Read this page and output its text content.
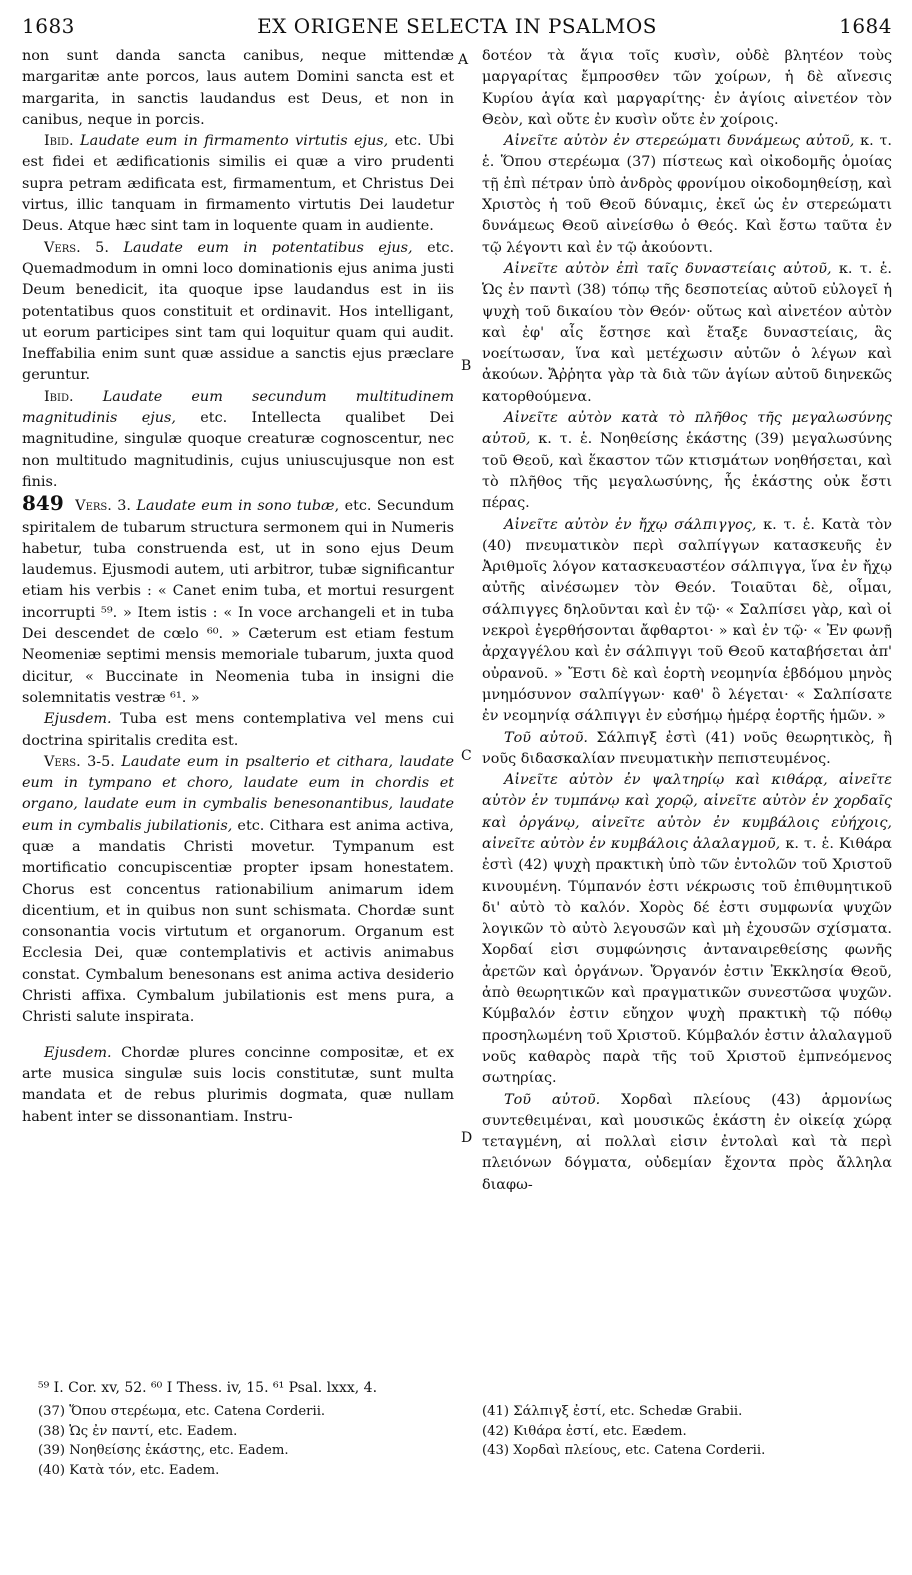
1683	EX ORIGENE SELECTA IN PSALMOS	1684
A
B
C
D

non sunt danda sancta canibus, neque mittendæ margaritæ ante porcos, laus autem Domini sancta est et margarita, in sanctis laudandus est Deus, et non in canibus, neque in porcis.

Ibid. Laudate eum in firmamento virtutis ejus, etc. Ubi est fidei et ædificationis similis ei quæ a viro prudenti supra petram ædificata est, firmamentum, et Christus Dei virtus, illic tanquam in firmamento virtutis Dei laudetur Deus. Atque hæc sint tam in loquente quam in audiente.

Vers. 5. Laudate eum in potentatibus ejus, etc. Quemadmodum in omni loco dominationis ejus anima justi Deum benedicit, ita quoque ipse laudandus est in iis potentatibus quos constituit et ordinavit. Hos intelligant, ut eorum participes sint tam qui loquitur quam qui audit. Ineffabilia enim sunt quæ assidue a sanctis ejus præclare geruntur.

Ibid. Laudate eum secundum multitudinem magnitudinis ejus, etc. Intellecta qualibet Dei magnitudine, singulæ quoque creaturæ cognoscentur, nec non multitudo magnitudinis, cujus uniuscujusque non est finis.

849 Vers. 3. Laudate eum in sono tubæ, etc. Secundum spiritalem de tubarum structura sermonem qui in Numeris habetur, tuba construenda est, ut in sono ejus Deum laudemus. Ejusmodi autem, uti arbitror, tubæ significantur etiam his verbis : « Canet enim tuba, et mortui resurgent incorrupti ⁵⁹. » Item istis : « In voce archangeli et in tuba Dei descendet de cœlo ⁶⁰. » Cæterum est etiam festum Neomeniæ septimi mensis memoriale tubarum, juxta quod dicitur, « Buccinate in Neomenia tuba in insigni die solemnitatis vestræ ⁶¹. »

Ejusdem. Tuba est mens contemplativa vel mens cui doctrina spiritalis credita est.

Vers. 3-5. Laudate eum in psalterio et cithara, laudate eum in tympano et choro, laudate eum in chordis et organo, laudate eum in cymbalis benesonantibus, laudate eum in cymbalis jubilationis, etc. Cithara est anima activa, quæ a mandatis Christi movetur. Tympanum est mortificatio concupiscentiæ propter ipsam honestatem. Chorus est concentus rationabilium animarum idem dicentium, et in quibus non sunt schismata. Chordæ sunt consonantia vocis virtutum et organorum. Organum est Ecclesia Dei, quæ contemplativis et activis animabus constat. Cymbalum benesonans est anima activa desiderio Christi affixa. Cymbalum jubilationis est mens pura, a Christi salute inspirata.

Ejusdem. Chordæ plures concinne compositæ, et ex arte musica singulæ suis locis constitutæ, sunt multa mandata et de rebus plurimis dogmata, quæ nullam habent inter se dissonantiam. Instru-

δοτέον τὰ ἅγια τοῖς κυσὶν, οὐδὲ βλητέον τοὺς μαργαρίτας ἔμπροσθεν τῶν χοίρων, ἡ δὲ αἴνεσις Κυρίου ἁγία καὶ μαργαρίτης· ἐν ἁγίοις αἰνετέον τὸν Θεὸν, καὶ οὔτε ἐν κυσὶν οὔτε ἐν χοίροις.

Αἰνεῖτε αὐτὸν ἐν στερεώματι δυνάμεως αὐτοῦ, κ. τ. ἑ. Ὅπου στερέωμα (37) πίστεως καὶ οἰκοδομῆς ὁμοίας τῇ ἐπὶ πέτραν ὑπὸ ἀνδρὸς φρονίμου οἰκοδομηθείσῃ, καὶ Χριστὸς ἡ τοῦ Θεοῦ δύναμις, ἐκεῖ ὡς ἐν στερεώματι δυνάμεως Θεοῦ αἰνείσθω ὁ Θεός. Καὶ ἔστω ταῦτα ἐν τῷ λέγοντι καὶ ἐν τῷ ἀκούοντι.

Αἰνεῖτε αὐτὸν ἐπὶ ταῖς δυναστείαις αὐτοῦ, κ. τ. ἑ. Ὡς ἐν παντὶ (38) τόπῳ τῆς δεσποτείας αὐτοῦ εὐλογεῖ ἡ ψυχὴ τοῦ δικαίου τὸν Θεόν· οὕτως καὶ αἰνετέον αὐτὸν καὶ ἐφ' αἷς ἔστησε καὶ ἔταξε δυναστείαις, ἃς νοείτωσαν, ἵνα καὶ μετέχωσιν αὐτῶν ὁ λέγων καὶ ἀκούων. Ἄῤῥητα γὰρ τὰ διὰ τῶν ἁγίων αὐτοῦ διηνεκῶς κατορθούμενα.

Αἰνεῖτε αὐτὸν κατὰ τὸ πλῆθος τῆς μεγαλωσύνης αὐτοῦ, κ. τ. ἑ. Νοηθείσης ἑκάστης (39) μεγαλωσύνης τοῦ Θεοῦ, καὶ ἕκαστον τῶν κτισμάτων νοηθήσεται, καὶ τὸ πλῆθος τῆς μεγαλωσύνης, ἧς ἑκάστης οὐκ ἔστι πέρας.

Αἰνεῖτε αὐτὸν ἐν ἤχῳ σάλπιγγος, κ. τ. ἑ. Κατὰ τὸν (40) πνευματικὸν περὶ σαλπίγγων κατασκευῆς ἐν Ἀριθμοῖς λόγον κατασκευαστέον σάλπιγγα, ἵνα ἐν ἤχῳ αὐτῆς αἰνέσωμεν τὸν Θεόν. Τοιαῦται δὲ, οἶμαι, σάλπιγγες δηλοῦνται καὶ ἐν τῷ· « Σαλπίσει γὰρ, καὶ οἱ νεκροὶ ἐγερθήσονται ἄφθαρτοι· » καὶ ἐν τῷ· « Ἐν φωνῇ ἀρχαγγέλου καὶ ἐν σάλπιγγι τοῦ Θεοῦ καταβήσεται ἀπ' οὐρανοῦ. » Ἔστι δὲ καὶ ἑορτὴ νεομηνία ἑβδόμου μηνὸς μνημόσυνον σαλπίγγων· καθ' ὃ λέγεται· « Σαλπίσατε ἐν νεομηνίᾳ σάλπιγγι ἐν εὐσήμῳ ἡμέρᾳ ἑορτῆς ἡμῶν. »

Τοῦ αὐτοῦ. Σάλπιγξ ἐστὶ (41) νοῦς θεωρητικὸς, ἢ νοῦς διδασκαλίαν πνευματικὴν πεπιστευμένος.

Αἰνεῖτε αὐτὸν ἐν ψαλτηρίῳ καὶ κιθάρᾳ, αἰνεῖτε αὐτὸν ἐν τυμπάνῳ καὶ χορῷ, αἰνεῖτε αὐτὸν ἐν χορδαῖς καὶ ὀργάνῳ, αἰνεῖτε αὐτὸν ἐν κυμβάλοις εὐήχοις, αἰνεῖτε αὐτὸν ἐν κυμβάλοις ἀλαλαγμοῦ, κ. τ. ἑ. Κιθάρα ἐστὶ (42) ψυχὴ πρακτικὴ ὑπὸ τῶν ἐντολῶν τοῦ Χριστοῦ κινουμένη. Τύμπανόν ἐστι νέκρωσις τοῦ ἐπιθυμητικοῦ δι' αὐτὸ τὸ καλόν. Χορὸς δέ ἐστι συμφωνία ψυχῶν λογικῶν τὸ αὐτὸ λεγουσῶν καὶ μὴ ἐχουσῶν σχίσματα. Χορδαί εἰσι συμφώνησις ἀνταναιρεθείσης φωνῆς ἀρετῶν καὶ ὀργάνων. Ὄργανόν ἐστιν Ἐκκλησία Θεοῦ, ἀπὸ θεωρητικῶν καὶ πραγματικῶν συνεστῶσα ψυχῶν. Κύμβαλόν ἐστιν εὔηχον ψυχὴ πρακτικὴ τῷ πόθῳ προσηλωμένη τοῦ Χριστοῦ. Κύμβαλόν ἐστιν ἀλαλαγμοῦ νοῦς καθαρὸς παρὰ τῆς τοῦ Χριστοῦ ἐμπνεόμενος σωτηρίας.

Τοῦ αὐτοῦ. Χορδαὶ πλείους (43) ἁρμονίως συντεθειμέναι, καὶ μουσικῶς ἑκάστη ἐν οἰκείᾳ χώρᾳ τεταγμένη, αἱ πολλαὶ εἰσιν ἐντολαὶ καὶ τὰ περὶ πλειόνων δόγματα, οὐδεμίαν ἔχοντα πρὸς ἄλληλα διαφω-

⁵⁹ I. Cor. xv, 52. ⁶⁰ I Thess. iv, 15. ⁶¹ Psal. lxxx, 4.
(37) Ὅπου στερέωμα, etc. Catena Corderii.
(38) Ὡς ἐν παντί, etc. Eadem.
(39) Νοηθείσης ἑκάστης, etc. Eadem.
(40) Κατὰ τόν, etc. Eadem.
(41) Σάλπιγξ ἐστί, etc. Schedæ Grabii.
(42) Κιθάρα ἐστί, etc. Eædem.
(43) Χορδαὶ πλείους, etc. Catena Corderii.
